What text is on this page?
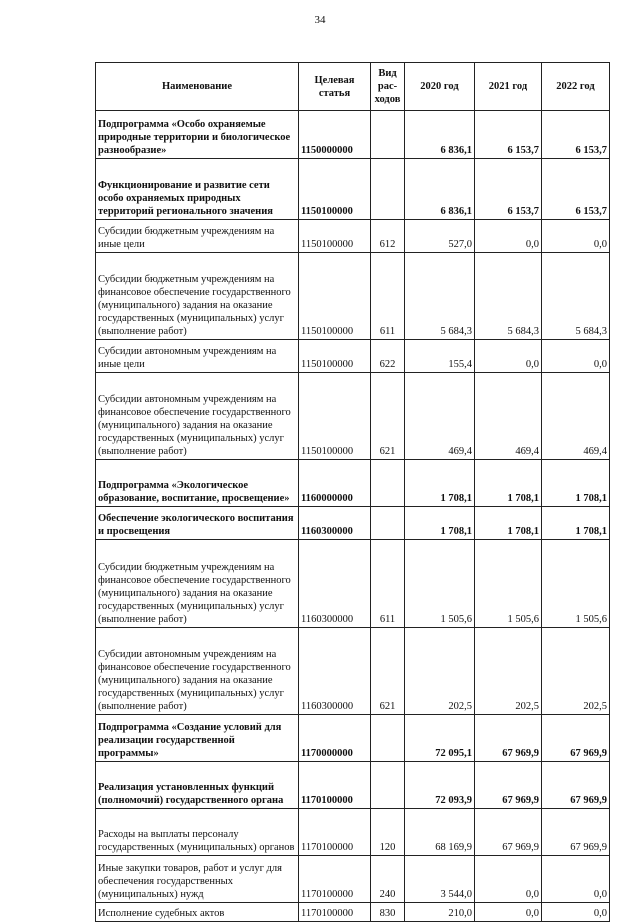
34
Наименование	Целевая статья	Вид рас-ходов	2020 год	2021 год	2022 год
Подпрограмма «Особо охраняемые природные территории и биологическое разнообразие»	1150000000		6 836,1	6 153,7	6 153,7
Функционирование и развитие сети особо охраняемых природных территорий регионального значения	1150100000		6 836,1	6 153,7	6 153,7
Субсидии бюджетным учреждениям на иные цели	1150100000	612	527,0	0,0	0,0
Субсидии бюджетным учреждениям на финансовое обеспечение государственного (муниципального) задания на оказание государственных (муниципальных) услуг (выполнение работ)	1150100000	611	5 684,3	5 684,3	5 684,3
Субсидии автономным учреждениям на иные цели	1150100000	622	155,4	0,0	0,0
Субсидии автономным учреждениям на финансовое обеспечение государственного (муниципального) задания на оказание государственных (муниципальных) услуг (выполнение работ)	1150100000	621	469,4	469,4	469,4
Подпрограмма «Экологическое образование, воспитание, просвещение»	1160000000		1 708,1	1 708,1	1 708,1
Обеспечение экологического воспитания и просвещения	1160300000		1 708,1	1 708,1	1 708,1
Субсидии бюджетным учреждениям на финансовое обеспечение государственного (муниципального) задания на оказание государственных (муниципальных) услуг (выполнение работ)	1160300000	611	1 505,6	1 505,6	1 505,6
Субсидии автономным учреждениям на финансовое обеспечение государственного (муниципального) задания на оказание государственных (муниципальных) услуг (выполнение работ)	1160300000	621	202,5	202,5	202,5
Подпрограмма «Создание условий для реализации государственной программы»	1170000000		72 095,1	67 969,9	67 969,9
Реализация установленных функций (полномочий) государственного органа	1170100000		72 093,9	67 969,9	67 969,9
Расходы на выплаты персоналу государственных (муниципальных) органов	1170100000	120	68 169,9	67 969,9	67 969,9
Иные закупки товаров, работ и услуг для обеспечения государственных (муниципальных) нужд	1170100000	240	3 544,0	0,0	0,0
Исполнение судебных актов	1170100000	830	210,0	0,0	0,0
